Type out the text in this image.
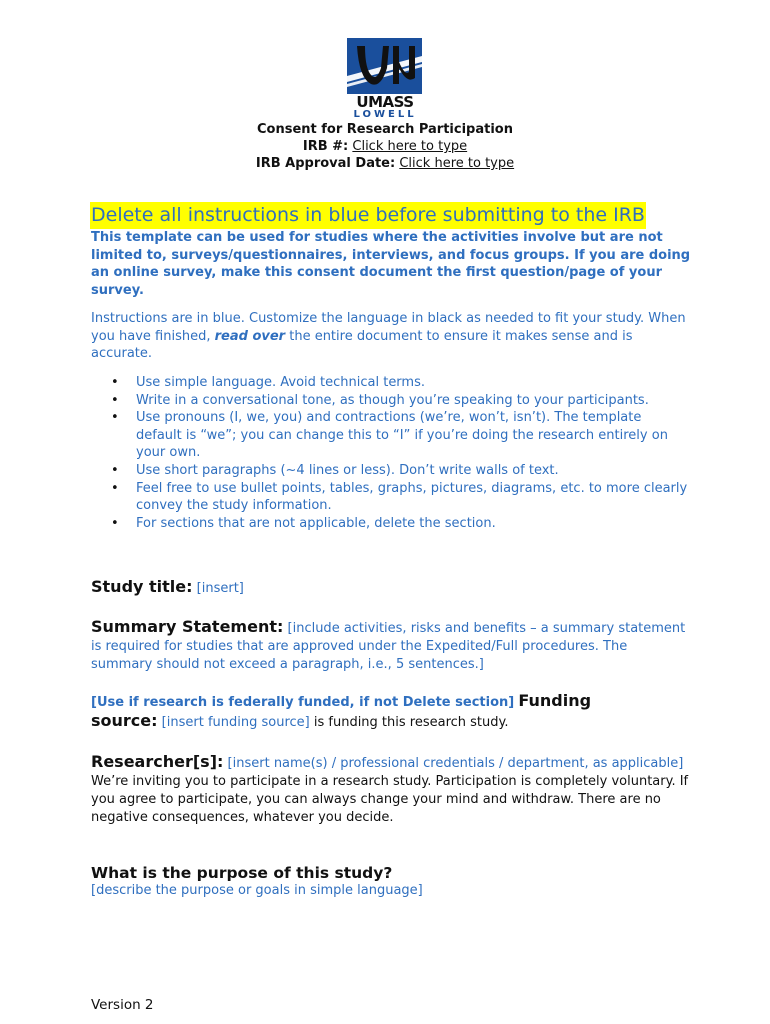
UMASS
LOWELL
Consent for Research Participation
IRB #: Click here to type
IRB Approval Date: Click here to type
Delete all instructions in blue before submitting to the IRB
This template can be used for studies where the activities involve but are not limited to, surveys/questionnaires, interviews, and focus groups. If you are doing an online survey, make this consent document the first question/page of your survey.
Instructions are in blue. Customize the language in black as needed to fit your study. When you have finished, read over the entire document to ensure it makes sense and is accurate.
• Use simple language. Avoid technical terms.
• Write in a conversational tone, as though you’re speaking to your participants.
• Use pronouns (I, we, you) and contractions (we’re, won’t, isn’t). The template default is “we”; you can change this to “I” if you’re doing the research entirely on your own.
• Use short paragraphs (~4 lines or less). Don’t write walls of text.
• Feel free to use bullet points, tables, graphs, pictures, diagrams, etc. to more clearly convey the study information.
• For sections that are not applicable, delete the section.
Study title: [insert]
Summary Statement: [include activities, risks and benefits – a summary statement is required for studies that are approved under the Expedited/Full procedures. The summary should not exceed a paragraph, i.e., 5 sentences.]
[Use if research is federally funded, if not Delete section] Funding
source: [insert funding source] is funding this research study.
Researcher[s]: [insert name(s) / professional credentials / department, as applicable]
We’re inviting you to participate in a research study. Participation is completely voluntary. If you agree to participate, you can always change your mind and withdraw. There are no negative consequences, whatever you decide.
What is the purpose of this study?
[describe the purpose or goals in simple language]
Version 2
